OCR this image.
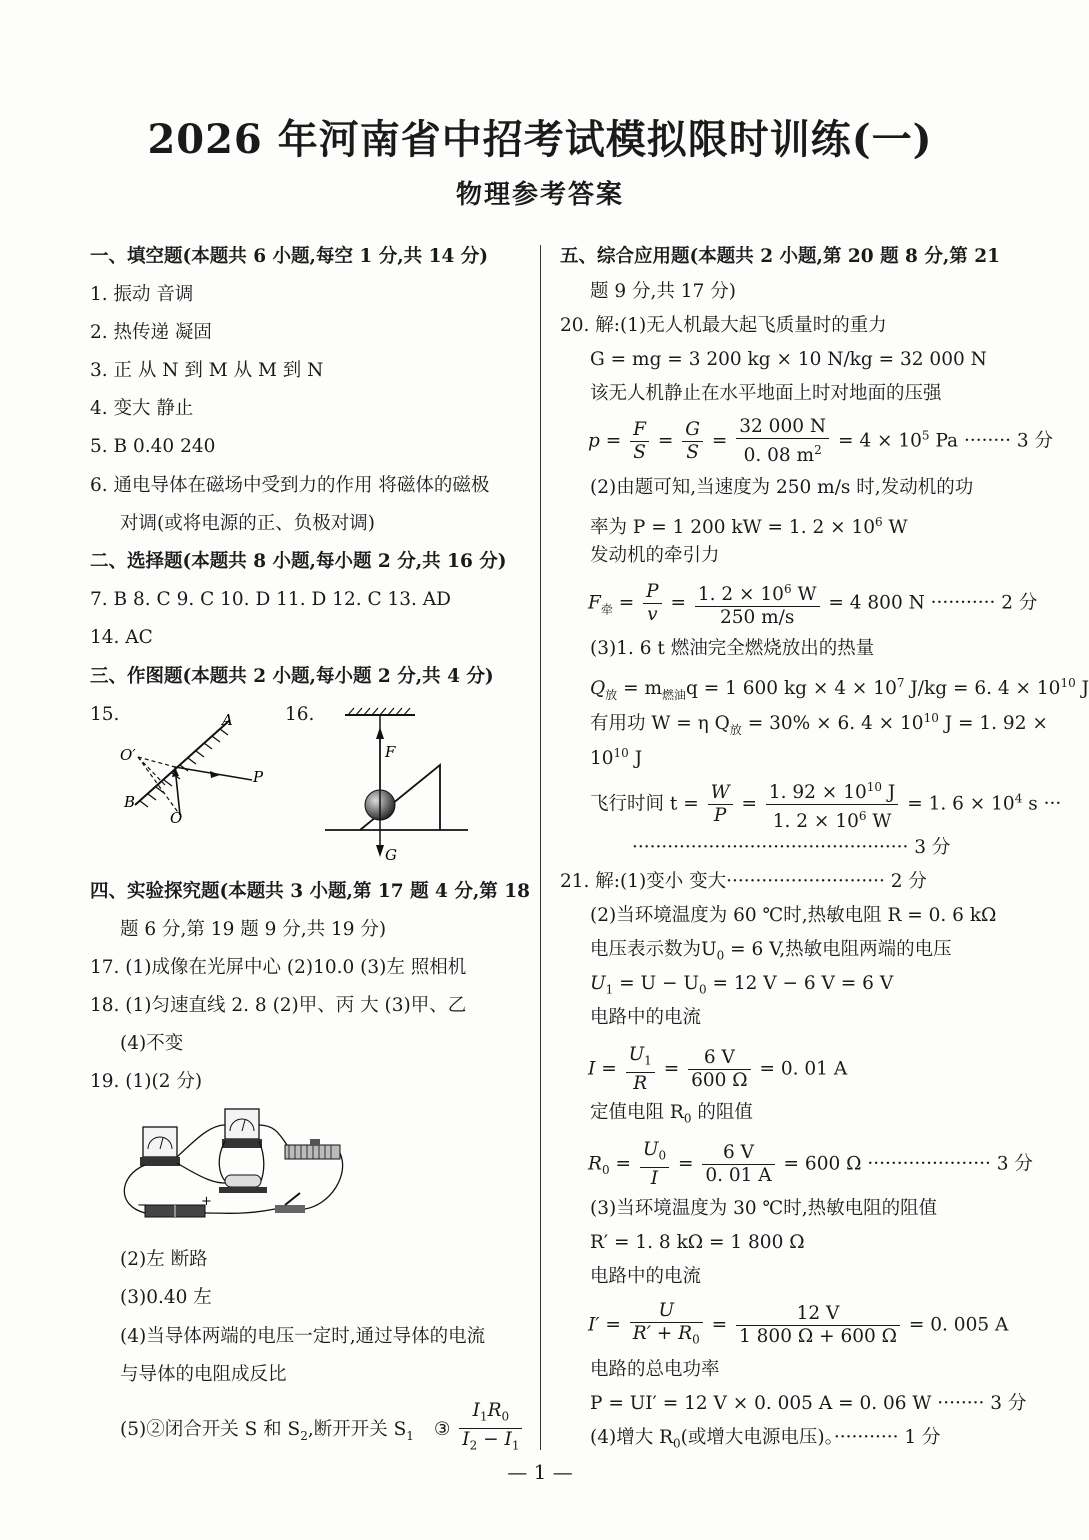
2026 年河南省中招考试模拟限时训练(一)
物理参考答案
一、填空题(本题共 6 小题,每空 1 分,共 14 分)
1. 振动 音调
2. 热传递 凝固
3. 正 从 N 到 M 从 M 到 N
4. 变大 静止
5. B 0.40 240
6. 通电导体在磁场中受到力的作用 将磁体的磁极
对调(或将电源的正、负极对调)
二、选择题(本题共 8 小题,每小题 2 分,共 16 分)
7. B 8. C 9. C 10. D 11. D 12. C 13. AD
14. AC
三、作图题(本题共 2 小题,每小题 2 分,共 4 分)
15.	16.
A
B
O
O′
P
F
G
四、实验探究题(本题共 3 小题,第 17 题 4 分,第 18
题 6 分,第 19 题 9 分,共 19 分)
17. (1)成像在光屏中心 (2)10.0 (3)左 照相机
18. (1)匀速直线 2. 8 (2)甲、丙 大 (3)甲、乙
(4)不变
19. (1)(2 分)
−	+
(2)左 断路
(3)0.40 左
(4)当导体两端的电压一定时,通过导体的电流
与导体的电阻成反比
(5)②闭合开关 S 和 $S_2$,断开开关 $S_1$ ③ $\frac{I_1R_0}{I_2 - I_1}$
五、综合应用题(本题共 2 小题,第 20 题 8 分,第 21
题 9 分,共 17 分)
20. 解:(1)无人机最大起飞质量时的重力
G = mg = 3 200 kg × 10 N/kg = 32 000 N
该无人机静止在水平地面上时对地面的压强
$p = \frac{F}{S} = \frac{G}{S} = \frac{32 000 N}{0. 08 m^2} = 4 \times 10^5$ Pa ········ 3 分
(2)由题可知,当速度为 250 m/s 时,发动机的功
率为 P = 1 200 kW = 1. $2 \times 10^6$ W
发动机的牵引力
$F_牵 = \frac{P}{v} = \frac{1. 2 \times 10^6 W}{250 m/s} = 4$ 800 N ··········· 2 分
(3)1. 6 t 燃油完全燃烧放出的热量
$Q_放 = m_{燃油}q = 1$ 600 kg × $4 \times 10^7$ J/kg = 6. $4 \times 10^{10}$ J
有用功 W = η $Q_放 = 30\% \times 6$. $4 \times 10^{10}$ J = 1. 92 ×
$10^{10}$ J
飞行时间 $t = \frac{W}{P} = \frac{1. 92 \times 10^{10} J}{1. 2 \times 10^6 W} = 1$. $6 \times 10^4$ s ···
··············································· 3 分
21. 解:(1)变小 变大··························· 2 分
(2)当环境温度为 60 ℃时,热敏电阻 R = 0. 6 kΩ
电压表示数为$U_0 = 6$ V,热敏电阻两端的电压
$U_1 = U - U_0 = 12$ V − 6 V = 6 V
电路中的电流
$I = \frac{U_1}{R} = \frac{6 V}{600 \Omega} = 0$. 01 A
定值电阻 $R_0$ 的阻值
$R_0 = \frac{U_0}{I} = \frac{6 V}{0. 01 A} = 600$ Ω ····················· 3 分
(3)当环境温度为 30 ℃时,热敏电阻的阻值
R′ = 1. 8 kΩ = 1 800 Ω
电路中的电流
$I' = \frac{U}{R' + R_0} = \frac{12 V}{1 800 \Omega + 600 \Omega} = 0$. 005 A
电路的总电功率
P = UI′ = 12 V × 0. 005 A = 0. 06 W ········ 3 分
(4)增大 $R_0$(或增大电源电压)。··········· 1 分
— 1 —
